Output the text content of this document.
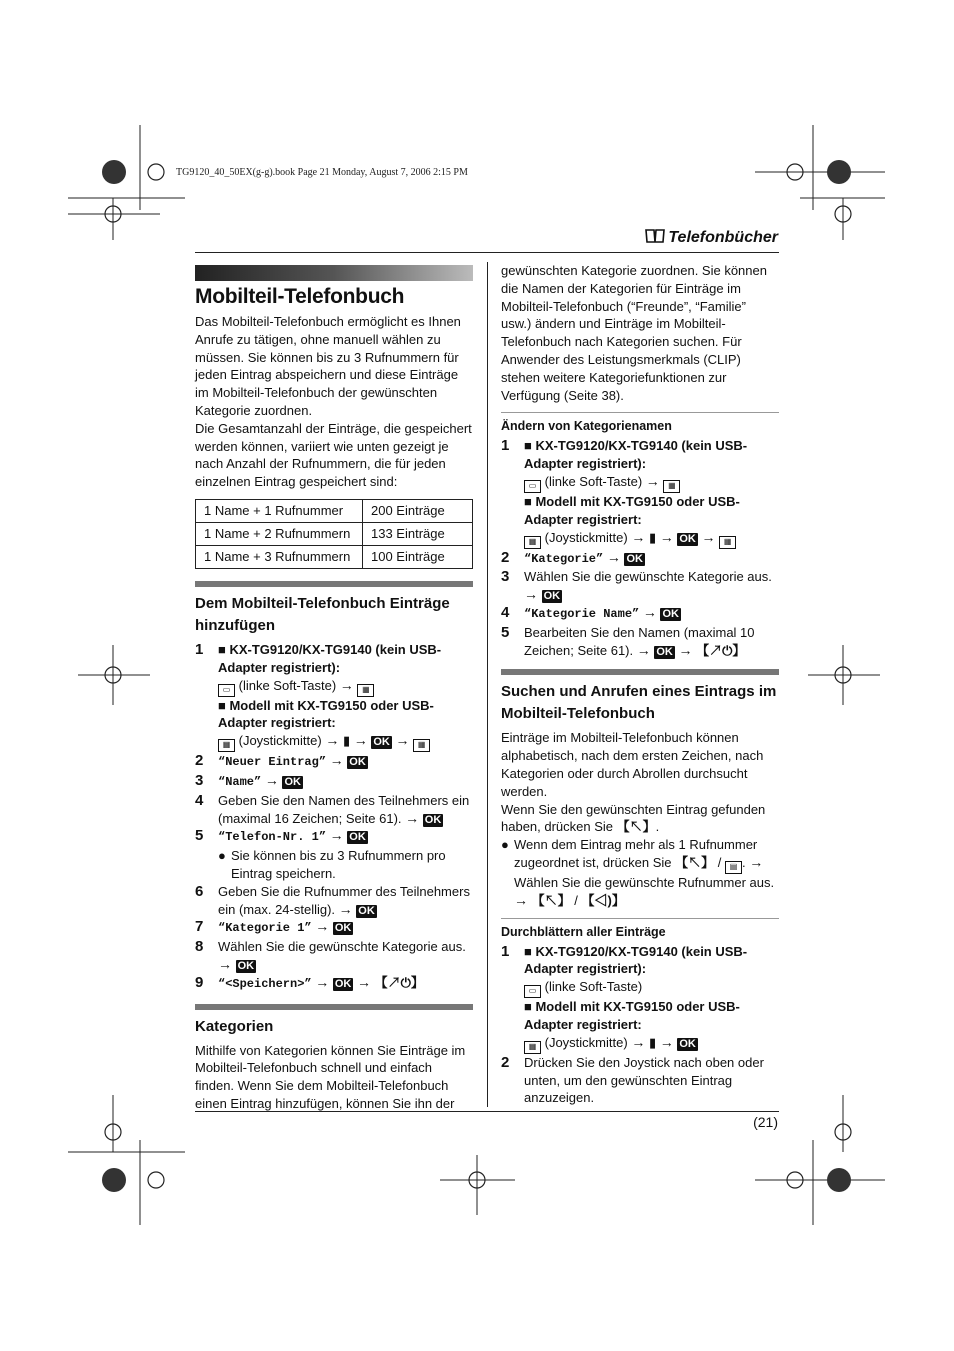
TG9120_40_50EX(g-g).book Page 21 Monday, August 7, 2006 2:15 PM
Telefonbücher
(21)
Mobilteil-Telefonbuch

Das Mobilteil-Telefonbuch ermöglicht es Ihnen Anrufe zu tätigen, ohne manuell wählen zu müssen. Sie können bis zu 3 Rufnummern für jeden Eintrag abspeichern und diese Einträge im Mobilteil-Telefonbuch der gewünschten Kategorie zuordnen.

Die Gesamtanzahl der Einträge, die gespeichert werden können, variiert wie unten gezeigt je nach Anzahl der Rufnummern, die für jeden einzelnen Eintrag gespeichert sind:

1 Name + 1 Rufnummer	200 Einträge
1 Name + 2 Rufnummern	133 Einträge
1 Name + 3 Rufnummern	100 Einträge
Dem Mobilteil-Telefonbuch Einträge hinzufügen
1	■ KX-TG9120/KX-TG9140 (kein USB-Adapter registriert):
▭ (linke Soft-Taste) → ▦
■ Modell mit KX-TG9150 oder USB-Adapter registriert:
▦ (Joystickmitte) → ▮ → OK → ▦
2	“Neuer Eintrag” → OK
3	“Name” → OK
4	Geben Sie den Namen des Teilnehmers ein (maximal 16 Zeichen; Seite 61). → OK
5	“Telefon-Nr. 1” → OK
● Sie können bis zu 3 Rufnummern pro Eintrag speichern.
6	Geben Sie die Rufnummer des Teilnehmers ein (max. 24-stellig). → OK
7	“Kategorie 1” → OK
8	Wählen Sie die gewünschte Kategorie aus.
→ OK
9	“<Speichern>” → OK → 【↗⏻】
Kategorien

Mithilfe von Kategorien können Sie Einträge im Mobilteil-Telefonbuch schnell und einfach finden. Wenn Sie dem Mobilteil-Telefonbuch einen Eintrag hinzufügen, können Sie ihn der

gewünschten Kategorie zuordnen. Sie können die Namen der Kategorien für Einträge im Mobilteil-Telefonbuch (“Freunde”, “Familie” usw.) ändern und Einträge im Mobilteil-Telefonbuch nach Kategorien suchen. Für Anwender des Leistungsmerkmals (CLIP) stehen weitere Kategoriefunktionen zur Verfügung (Seite 38).

Ändern von Kategorienamen
1	■ KX-TG9120/KX-TG9140 (kein USB-Adapter registriert):
▭ (linke Soft-Taste) → ▦
■ Modell mit KX-TG9150 oder USB-Adapter registriert:
▦ (Joystickmitte) → ▮ → OK → ▦
2	“Kategorie” → OK
3	Wählen Sie die gewünschte Kategorie aus.
→ OK
4	“Kategorie Name” → OK
5	Bearbeiten Sie den Namen (maximal 10 Zeichen; Seite 61). → OK → 【↗⏻】
Suchen und Anrufen eines Eintrags im Mobilteil-Telefonbuch

Einträge im Mobilteil-Telefonbuch können alphabetisch, nach dem ersten Zeichen, nach Kategorien oder durch Abrollen durchsucht werden.

Wenn Sie den gewünschten Eintrag gefunden haben, drücken Sie 【↖】.

● Wenn dem Eintrag mehr als 1 Rufnummer zugeordnet ist, drücken Sie 【↖】 / ▤ . → Wählen Sie die gewünschte Rufnummer aus.
→ 【↖】 / 【◁)】
Durchblättern aller Einträge
1	■ KX-TG9120/KX-TG9140 (kein USB-Adapter registriert):
▭ (linke Soft-Taste)
■ Modell mit KX-TG9150 oder USB-Adapter registriert:
▦ (Joystickmitte) → ▮ → OK
2	Drücken Sie den Joystick nach oben oder unten, um den gewünschten Eintrag anzuzeigen.
